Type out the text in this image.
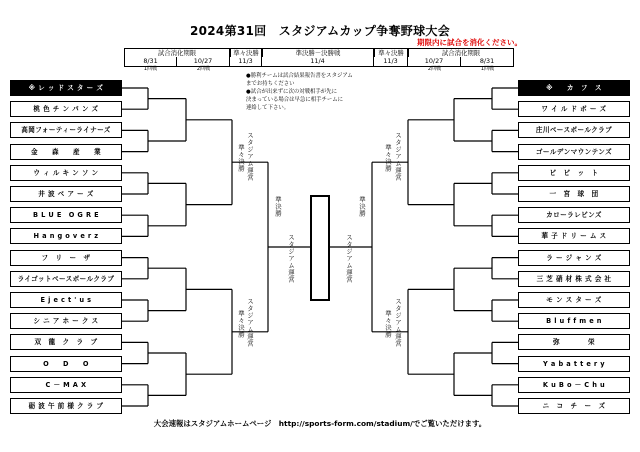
2024第31回　スタジアムカップ争奪野球大会
期限内に試合を消化ください。
試合消化期限	準々決勝	準決勝－決勝戦	準々決勝	試合消化期限
8/31	10/27	11/3	11/4	11/3	10/27	8/31
1回戦	2回戦	2回戦	1回戦
●勝利チームは試合結果報告書をスタジアム
までお持ちください
●試合が出来ずに次の対戦相手が先に
決まっている場合は早急に相手チームに
連絡して下さい。
※ レ ッ ド ス タ ー ズ
桃 色 チ ン パ ン ズ
高岡フォーティーライナーズ
金　　森　　産　　業
ウ ィ ル キ ン ソ ン
井 波 ベ ア ー ズ
B L U E　O G R E
H a n g o v e r z
フ　リ　ー　ザ
ライゴットベースボールクラブ
E j e c t ' u s
シ ニ ア ホ ー ク ス
双　龍　ク　ラ　ブ
O　　D　　O
C － M A X
砺 波 午 前 様 ク ラ ブ
※　　カ　フ　ス
ワ イ ル ド ボ ー ズ
庄川ベースボールクラブ
ゴールデンマウンテンズ
ビ　ビ　ッ　ト
一　宮　球　団
カローラレビンズ
華 子 ド リ ー ム ス
ラ ー ジ ャ ン ズ
三 芝 硝 材 株 式 会 社
モ ン ス タ ー ズ
B l u f f m e n
弥　　　　栄
Y a b a t t e r y
K u B o － C h u
ニ　コ　チ　ー　ズ
スタジアム運営
準々決勝
スタジアム運営
準々決勝
準決勝
スタジアム運営
準決勝
スタジアム運営
スタジアム運営
準々決勝
スタジアム運営
準々決勝
大会速報はスタジアムホームページ　http://sports-form.com/stadium/でご覧いただけます。
